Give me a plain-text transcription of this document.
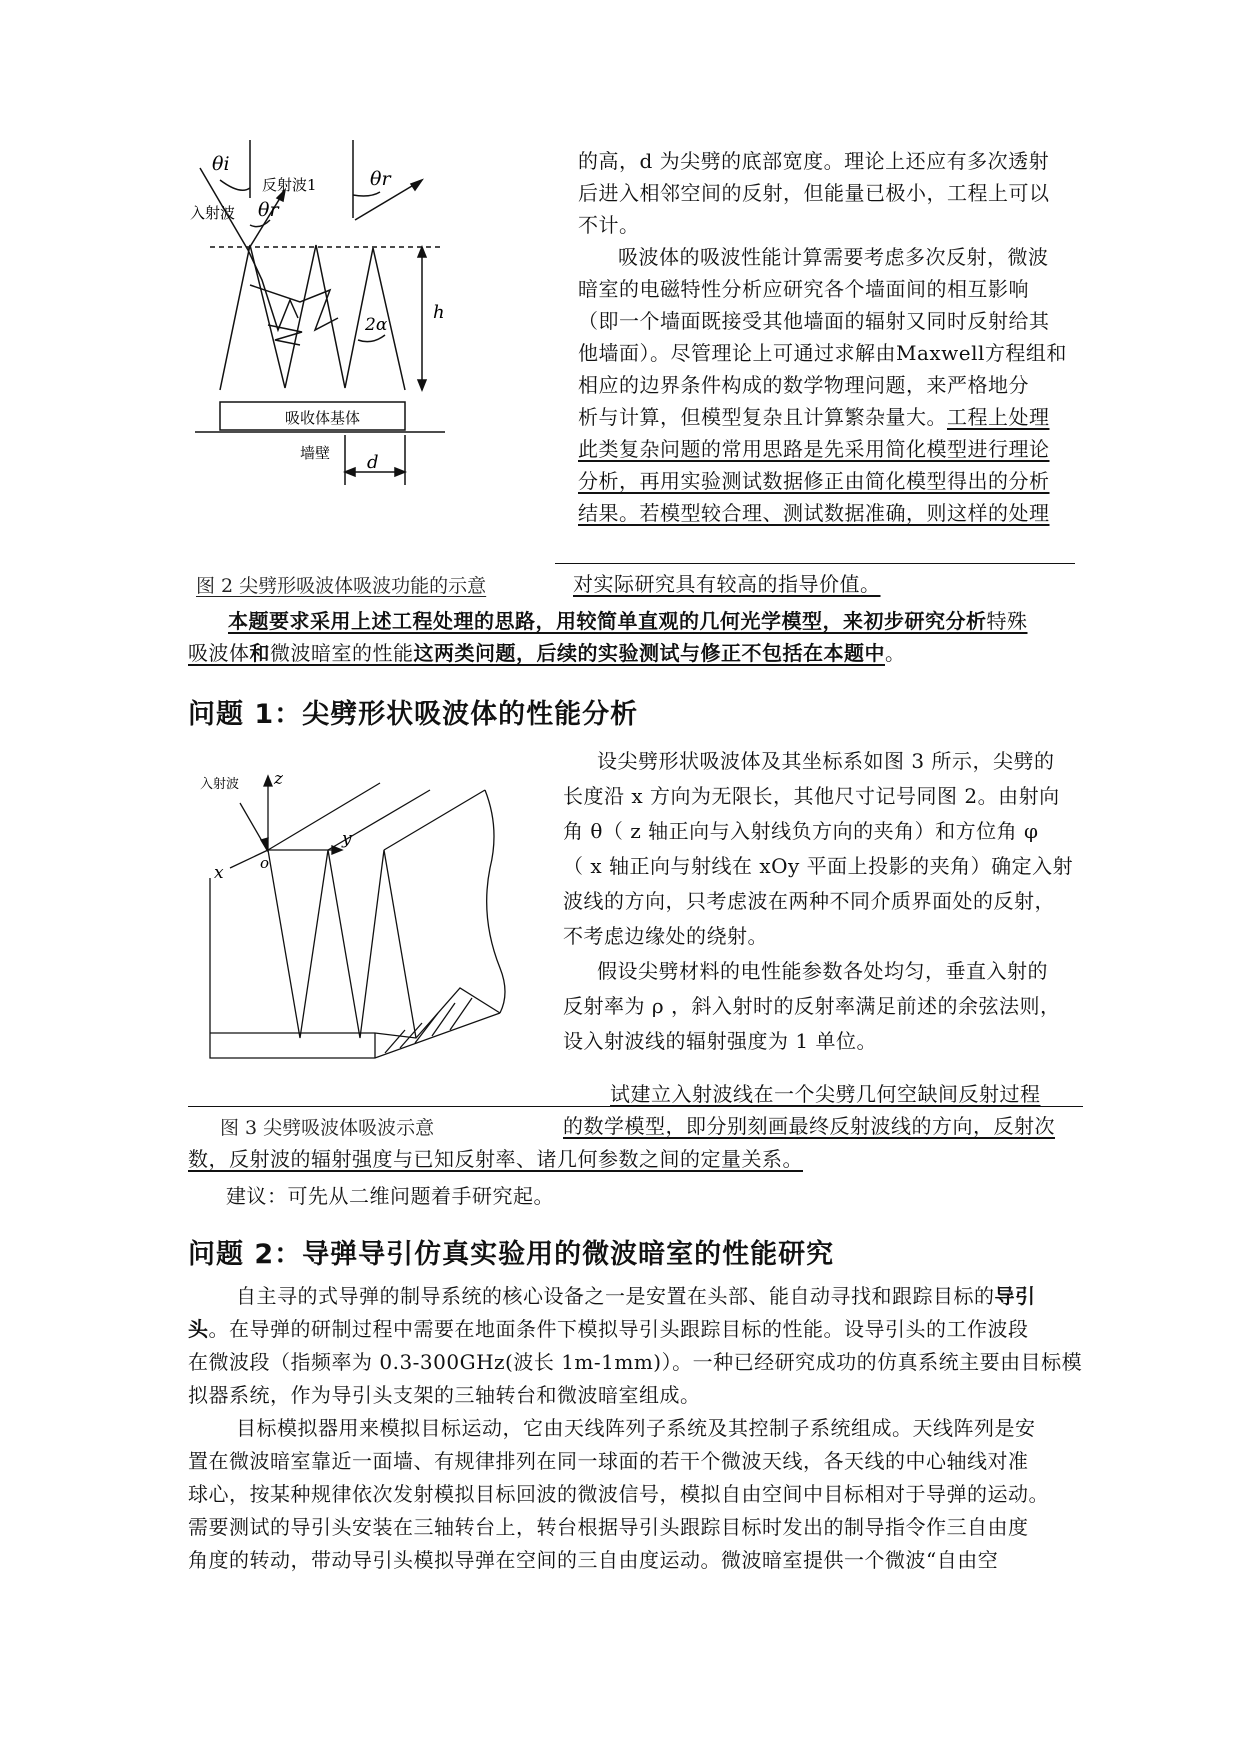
θi
反射波1
θr
θr
入射波
2α
h
吸收体基体
墙壁 d
的高，d 为尖劈的底部宽度。理论上还应有多次透射
后进入相邻空间的反射，但能量已极小，工程上可以
不计。
吸波体的吸波性能计算需要考虑多次反射，微波
暗室的电磁特性分析应研究各个墙面间的相互影响
（即一个墙面既接受其他墙面的辐射又同时反射给其
他墙面）。尽管理论上可通过求解由Maxwell方程组和
相应的边界条件构成的数学物理问题，来严格地分
析与计算，但模型复杂且计算繁杂量大。工程上处理
此类复杂问题的常用思路是先采用简化模型进行理论
分析，再用实验测试数据修正由简化模型得出的分析
结果。若模型较合理、测试数据准确，则这样的处理
图 2 尖劈形吸波体吸波功能的示意	对实际研究具有较高的指导价值。
本题要求采用上述工程处理的思路，用较简单直观的几何光学模型，来初步研究分析特殊
吸波体和微波暗室的性能这两类问题，后续的实验测试与修正不包括在本题中。
问题 1：尖劈形状吸波体的性能分析
入射波 z
y
x o
设尖劈形状吸波体及其坐标系如图 3 所示，尖劈的
长度沿 x 方向为无限长，其他尺寸记号同图 2。由射向
角 θ（ z 轴正向与入射线负方向的夹角）和方位角 φ
（ x 轴正向与射线在 xOy 平面上投影的夹角）确定入射
波线的方向，只考虑波在两种不同介质界面处的反射，
不考虑边缘处的绕射。
假设尖劈材料的电性能参数各处均匀，垂直入射的
反射率为 ρ ，斜入射时的反射率满足前述的余弦法则，
设入射波线的辐射强度为 1 单位。
试建立入射波线在一个尖劈几何空缺间反射过程
图 3 尖劈吸波体吸波示意	的数学模型，即分别刻画最终反射波线的方向，反射次
数，反射波的辐射强度与已知反射率、诸几何参数之间的定量关系。
建议：可先从二维问题着手研究起。
问题 2：导弹导引仿真实验用的微波暗室的性能研究
自主寻的式导弹的制导系统的核心设备之一是安置在头部、能自动寻找和跟踪目标的导引
头。在导弹的研制过程中需要在地面条件下模拟导引头跟踪目标的性能。设导引头的工作波段
在微波段（指频率为 0.3-300GHz(波长 1m-1mm)）。一种已经研究成功的仿真系统主要由目标模
拟器系统，作为导引头支架的三轴转台和微波暗室组成。
目标模拟器用来模拟目标运动，它由天线阵列子系统及其控制子系统组成。天线阵列是安
置在微波暗室靠近一面墙、有规律排列在同一球面的若干个微波天线，各天线的中心轴线对准
球心，按某种规律依次发射模拟目标回波的微波信号，模拟自由空间中目标相对于导弹的运动。
需要测试的导引头安装在三轴转台上，转台根据导引头跟踪目标时发出的制导指令作三自由度
角度的转动，带动导引头模拟导弹在空间的三自由度运动。微波暗室提供一个微波“自由空
